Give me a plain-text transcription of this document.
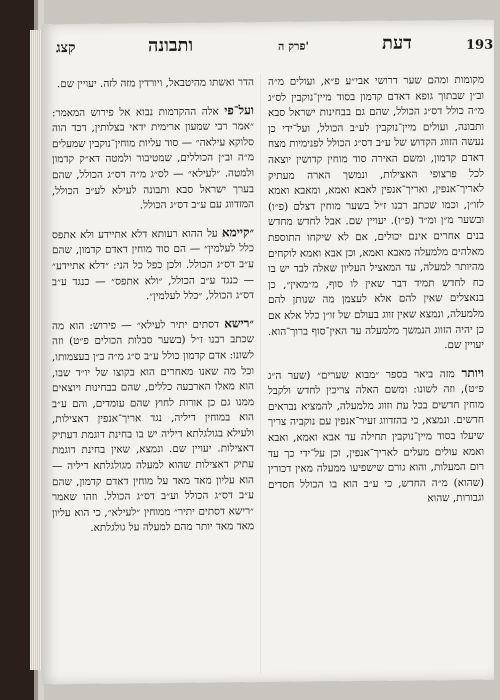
קצג	ותבונה	פרק ה'	דעת	193

הדר ואשתו מהיטבאל, ויורדין מזה לזה. יעויין שם.

ועל־פי אלה ההקדמות נבוא אל פירוש המאמר: ״אמר רבי שמעון ארימית ידאי בצלותין, דכד הוה סלוקא עילאה״ — סוד עליות מוחין־נוקבין שמעלים מ״ה וב״ן הכוללים, שמטיבור ולמטה דא״ק קדמון ולמטה. ״לעילא״ — לס״ג מ״ה דס״ג הכולל, שהם בערך ישראל סבא ותבונה לעילא לע״ב הכולל, המזדווג עם ע״ב דס״ג הכולל.

״קיימא על ההוא רעותא דלא אתיידע ולא אתפס כלל לעלמין״ — הם סוד מוחין דאדם קדמון, שהם ע״ב דס״ג הכולל. ולכן כפל כל הני: ״דלא אתיידע״ — כנגד ע״ב הכולל, ״ולא אתפס״ — כנגד ע״ב דס״ג הכולל, ״כלל לעלמין״.

״רישא דסתים יתיר לעילא״ — פירוש: הוא מה שכתב רבנו ז״ל (בשער סבלות הכולים פ״ט) וזה לשונו: אדם קדמון כולל ע״ב ס״ג מ״ה ב״ן בעצמותו, וכל מה שאנו מאחרים הוא בקוצו של יו״ד שבו, הוא מאלו הארבעה כללים, שהם בבחינות ויוצאים ממנו גם כן אורות לחוץ שהם עומדים, והם ע״ב הוא במוחין דיליה, נגד אריך־אנפין דאצילות, ולעילא בגולגלתא דיליה יש בו בחינת דוגמת דעתיק דאצילות. יעויין שם. ונמצא, שאין בחינת דוגמת עתיק דאצילות שהוא למעלה מגולגלתא דיליה — הוא עליון מאד מאד על מוחין דאדם קדמון, שהם ע״ב דס״ג הכולל וע״ב דס״ג הכולל. וזהו שאמר ״רישא דסתים יתיר״ ממוחין ״לעילא״, כי הוא עליון מאד מאד יותר מהם למעלה על גולגלתא.

מקומות ומהם שער דרושי אבי״ע פ״א, ועולים מ״ה וב״ן שבתוך גופא דאדם קדמון בסוד מיין־נוקבין לס״ג מ״ה כולל דס״ג הכולל, שהם גם בבחינות ישראל סבא ותבונה, ועולים מיין־נוקבין לע״ב הכולל, ועל־ידי כן נעשה הזווג הקדוש של ע״ב דס״ג הכולל לפנימיות מצח דאדם קדמון, ומשם האירה סוד מוחין קדושין יוצאה לכל פרצופי האצילות, ונמשך הארה מעתיק לאריך־אנפין, ואריך־אנפין לאבא ואמא, ומאבא ואמא לזו״ן, וכמו שכתב רבנו ז״ל בשער מוחין דצלם (פ״ו) ובשער מ״ן ומ״ד (פ״ו). יעויין שם. אבל לחדש מחדש בנים אחרים אינם יכולים, אם לא שיקחו התוספת מאלהים מלמעלה מאבא ואמא, וכן אבא ואמא לוקחים מהיותר למעלה, עד המאציל העליון שאלה לבד יש בו כח לחדש תמיד דבר שאין לו סוף, מ״מאין״, כן בנאצלים שאין להם אלא לעצמן מה שנותן להם מלמעלה, ונמצא שאין זווג בעולם של זו״ן כלל אלא אם כן יהיה הזווג הנמשך מלמעלה עד האין־סוף ברוך־הוא. יעויין שם.

ויותר מזה ביאר בספר ״מבוא שערים״ (שער ה״ג פ״ט), וזה לשונו: ומשם האלה צריכין לחדש ולקבל מוחין חדשים בכל עת וזווג מלמעלה, להמציא נבראים חדשים. ונמצא, כי בהזדווג זעיר־אנפין עם נוקביה צריך שיעלו בסוד מיין־נוקבין תחילה עד אבא ואמא, ואבא ואמא עולים מעלים לאריך־אנפין, וכן על־ידי כך עד רום המעלות, והוא גורם שישפיעו ממעלה מאין דכורין (שהוא) מ״ה החדש, כי ע״ב הוא בו הכולל חסדים וגבורות, שהוא
